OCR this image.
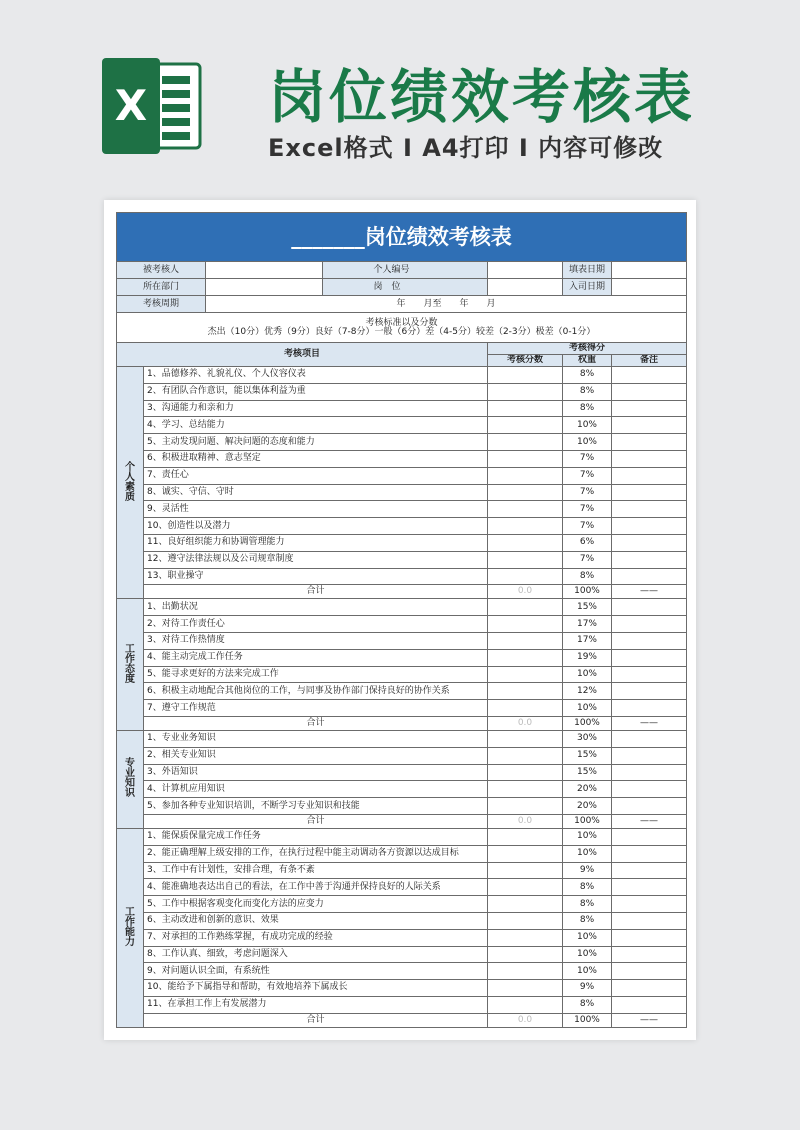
X 岗位绩效考核表
Excel格式 Ⅰ A4打印 Ⅰ 内容可修改
_______岗位绩效考核表							
被考核人				个人编号		填表日期	
所在部门				岗　位		入司日期	
考核周期		年　　月至　　年　　月					

考核标准以及分数
杰出（10分）优秀（9分）良好（7-8分）一般（6分）差（4-5分）较差（2-3分）极差（0-1分）							

考核项目					考核得分		
					考核分数	权重	备注

个人素质	1、品德修养、礼貌礼仪、个人仪容仪表					8%	
	2、有团队合作意识，能以集体利益为重					8%	
	3、沟通能力和亲和力					8%	
	4、学习、总结能力					10%	
	5、主动发现问题、解决问题的态度和能力					10%	
	6、积极进取精神、意志坚定					7%	
	7、责任心					7%	
	8、诚实、守信、守时					7%	
	9、灵活性					7%	
	10、创造性以及潜力					7%	
	11、良好组织能力和协调管理能力					6%	
	12、遵守法律法规以及公司规章制度					7%	
	13、职业操守					8%	
	合计				0.0	100%	——

工作态度	1、出勤状况					15%	
	2、对待工作责任心					17%	
	3、对待工作热情度					17%	
	4、能主动完成工作任务					19%	
	5、能寻求更好的方法来完成工作					10%	
	6、积极主动地配合其他岗位的工作，与同事及协作部门保持良好的协作关系					12%	
	7、遵守工作规范					10%	
	合计				0.0	100%	——

专业知识	1、专业业务知识					30%	
	2、相关专业知识					15%	
	3、外语知识					15%	
	4、计算机应用知识					20%	
	5、参加各种专业知识培训，不断学习专业知识和技能					20%	
	合计				0.0	100%	——

工作能力	1、能保质保量完成工作任务					10%	
	2、能正确理解上级安排的工作，在执行过程中能主动调动各方资源以达成目标					10%	
	3、工作中有计划性，安排合理，有条不紊					9%	
	4、能准确地表达出自己的看法，在工作中善于沟通并保持良好的人际关系					8%	
	5、工作中根据客观变化而变化方法的应变力					8%	
	6、主动改进和创新的意识、效果					8%	
	7、对承担的工作熟练掌握，有成功完成的经验					10%	
	8、工作认真、细致，考虑问题深入					10%	
	9、对问题认识全面，有系统性					10%	
	10、能给予下属指导和帮助，有效地培养下属成长					9%	
	11、在承担工作上有发展潜力					8%	
	合计				0.0	100%	——
